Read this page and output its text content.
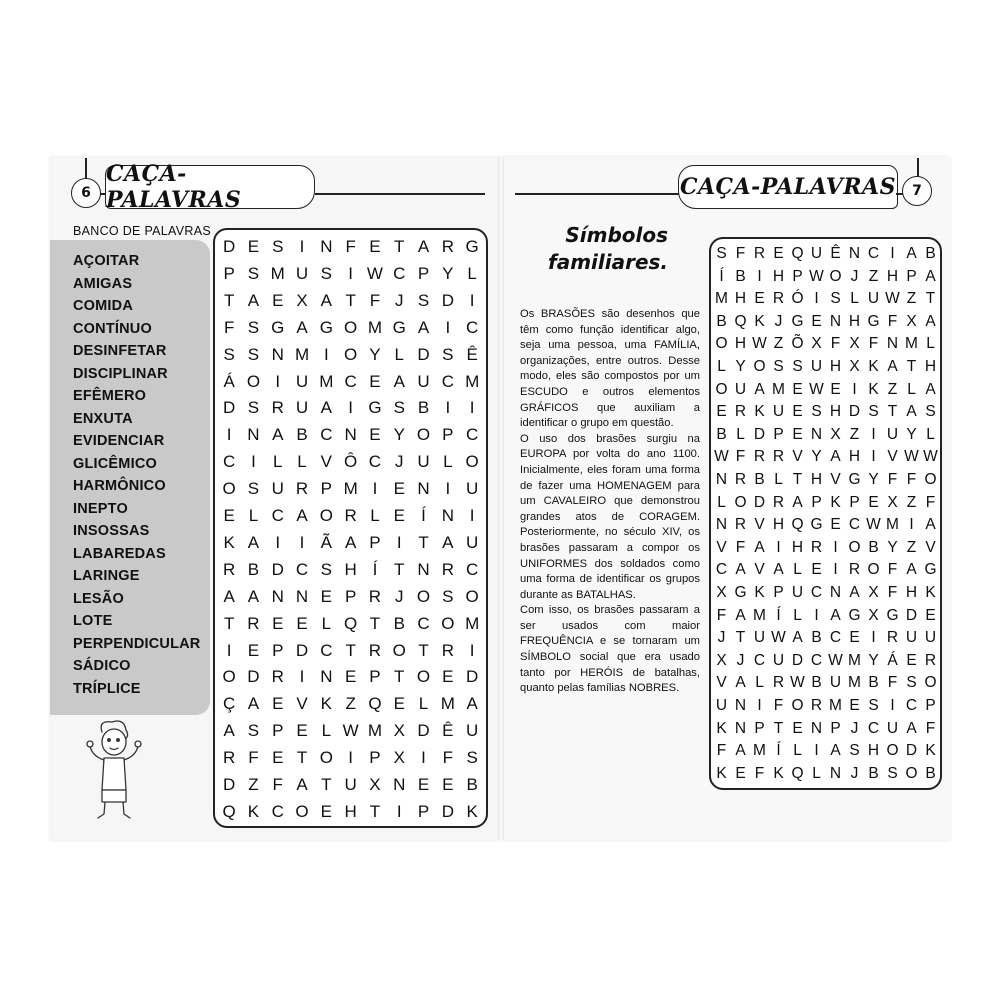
6
CAÇA-PALAVRAS	CAÇA-PALAVRAS	7
BANCO DE PALAVRAS
AÇOITAR
AMIGAS
COMIDA
CONTÍNUO
DESINFETAR
DISCIPLINAR
EFÊMERO
ENXUTA
EVIDENCIAR
GLICÊMICO
HARMÔNICO
INEPTO
INSOSSAS
LABAREDAS
LARINGE
LESÃO
LOTE
PERPENDICULAR
SÁDICO
TRÍPLICE
D E S I N F E T A R G
P S M U S I W C P Y L
T A E X A T F J S D I
F S G A G O M G A I C
S S N M I O Y L D S Ê
Á O I U M C E A U C M
D S R U A I G S B I	I
I N A B C N E Y O P C
C I	L L V Ô C J U L O
O S U R P M I E N I U
E L C A O R L E Í N I
K A I	I Ã A P I T A U
R B D C S H Í T N R C
A A N N E P R J O S O
T R E E L Q T B C O M
I E P D C T R O T R I
O D R I N E P T O E D
Ç A E V K Z Q E L M A
A S P E L W M X D Ê U
R F E T O I P X I F S
D Z F A T U X N E E B
Q K C O E H T I P D K
Símbolos
familiares.

Os BRASÕES são desenhos que têm como função identificar algo, seja uma pessoa, uma FAMÍLIA, organizações, entre outros. Desse modo, eles são compostos por um ESCUDO e outros elementos GRÁFICOS que auxiliam a identificar o grupo em questão.

O uso dos brasões surgiu na EUROPA por volta do ano 1100. Inicialmente, eles foram uma forma de fazer uma HOMENAGEM para um CAVALEIRO que demonstrou grandes atos de CORAGEM. Posteriormente, no século XIV, os brasões passaram a compor os UNIFORMES dos soldados como uma forma de identificar os grupos durante as BATALHAS.

Com isso, os brasões passaram a ser usados com maior FREQUÊNCIA e se tornaram um SÍMBOLO social que era usado tanto por HERÓIS de batalhas, quanto pelas famílias NOBRES.

S F R E Q U Ê N C I A B
Í B I H P W O J Z H P A
M H E R Ó I S L U W Z T
B Q K J G E N H G F X A
O H W Z Õ X F X F N M L
L Y O S S U H X K A T H
O U A M E W E I K Z L A
E R K U E S H D S T A S
B L D P E N X Z I U Y L
W F R R V Y A H I V W W
N R B L T H V G Y F F O
L O D R A P K P E X Z F
N R V H Q G E C W M I A
V F A I H R I O B Y Z V
C A V A L E I R O F A G
X G K P U C N A X F H K
F A M Í L I A G X G D E
J T U W A B C E I R U U
X J C U D C W M Y Á E R
V A L R W B U M B F S O
U N I F O R M E S I C P
K N P T E N P J C U A F
F A M Í L I A S H O D K
K E F K Q L N J B S O B
